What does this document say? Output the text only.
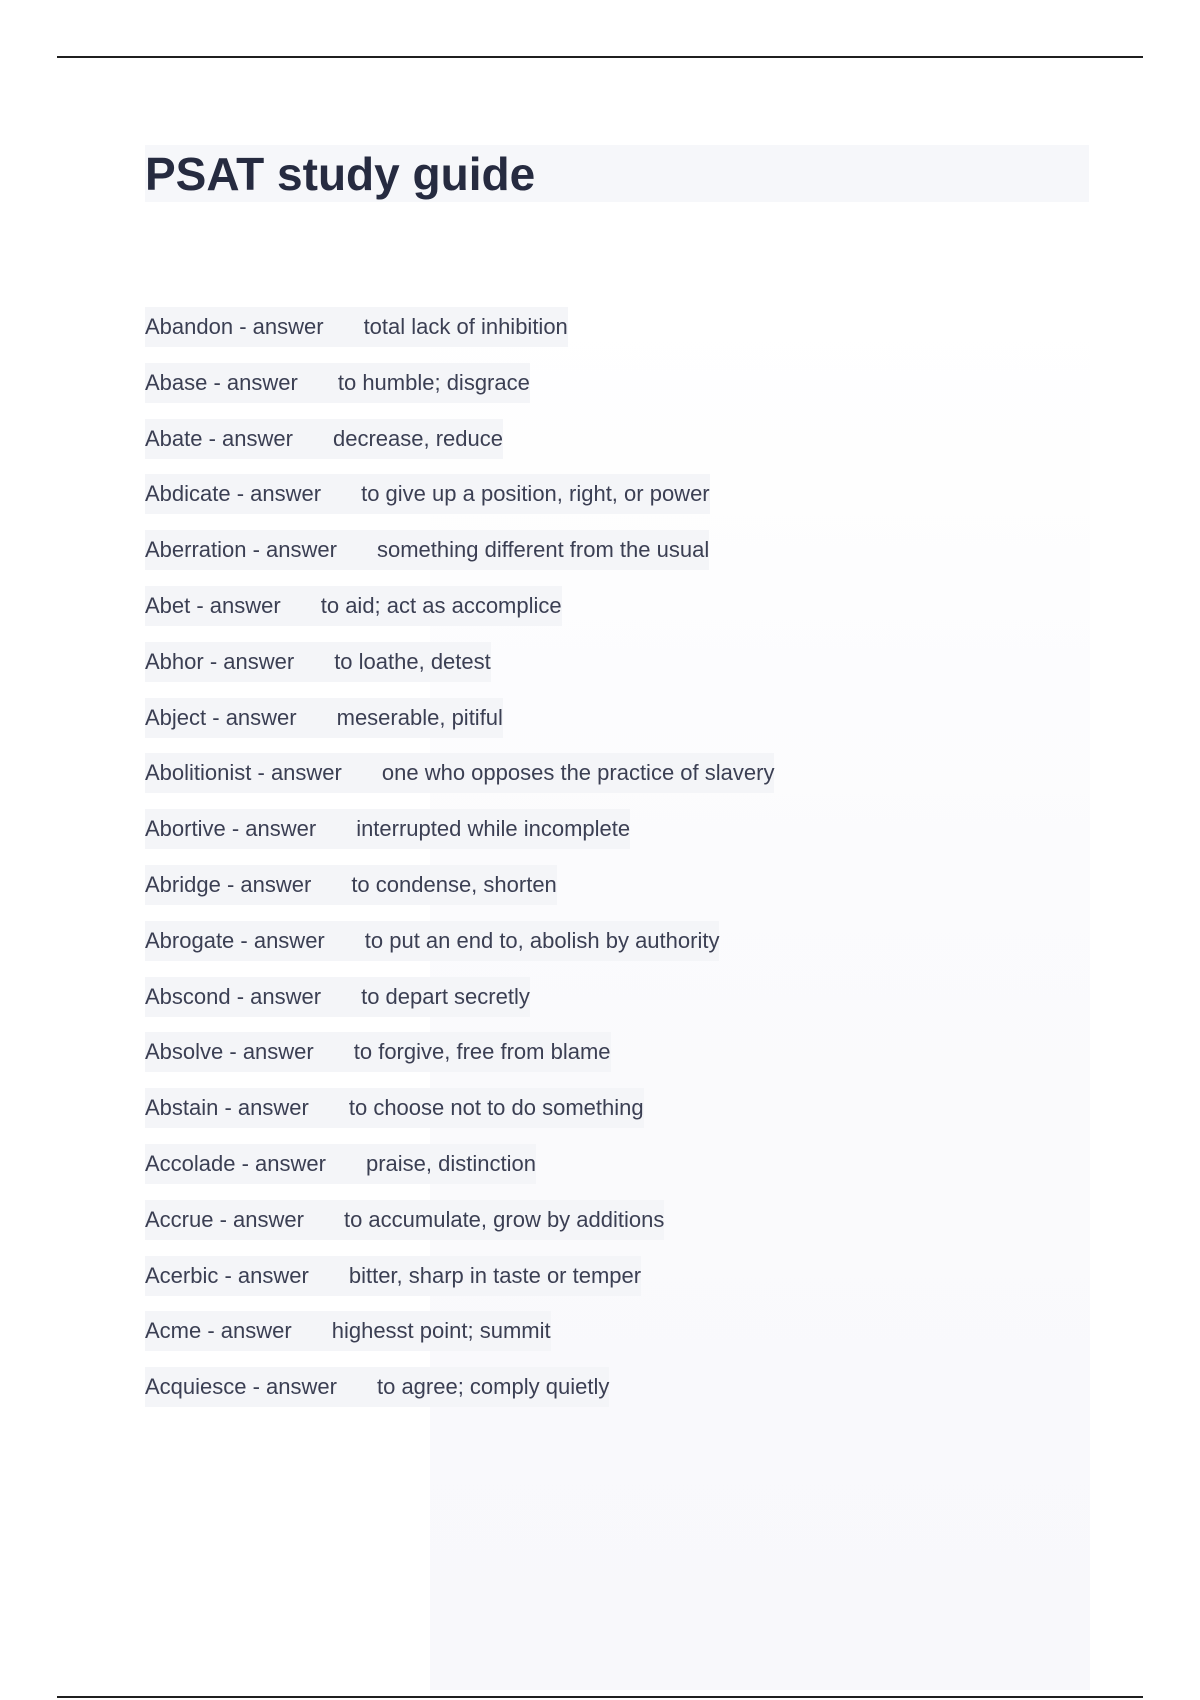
PSAT study guide
Abandon - answer total lack of inhibition
Abase - answer to humble; disgrace
Abate - answer decrease, reduce
Abdicate - answer to give up a position, right, or power
Aberration - answer something different from the usual
Abet - answer to aid; act as accomplice
Abhor - answer to loathe, detest
Abject - answer meserable, pitiful
Abolitionist - answer one who opposes the practice of slavery
Abortive - answer interrupted while incomplete
Abridge - answer to condense, shorten
Abrogate - answer to put an end to, abolish by authority
Abscond - answer to depart secretly
Absolve - answer to forgive, free from blame
Abstain - answer to choose not to do something
Accolade - answer praise, distinction
Accrue - answer to accumulate, grow by additions
Acerbic - answer bitter, sharp in taste or temper
Acme - answer highesst point; summit
Acquiesce - answer to agree; comply quietly
